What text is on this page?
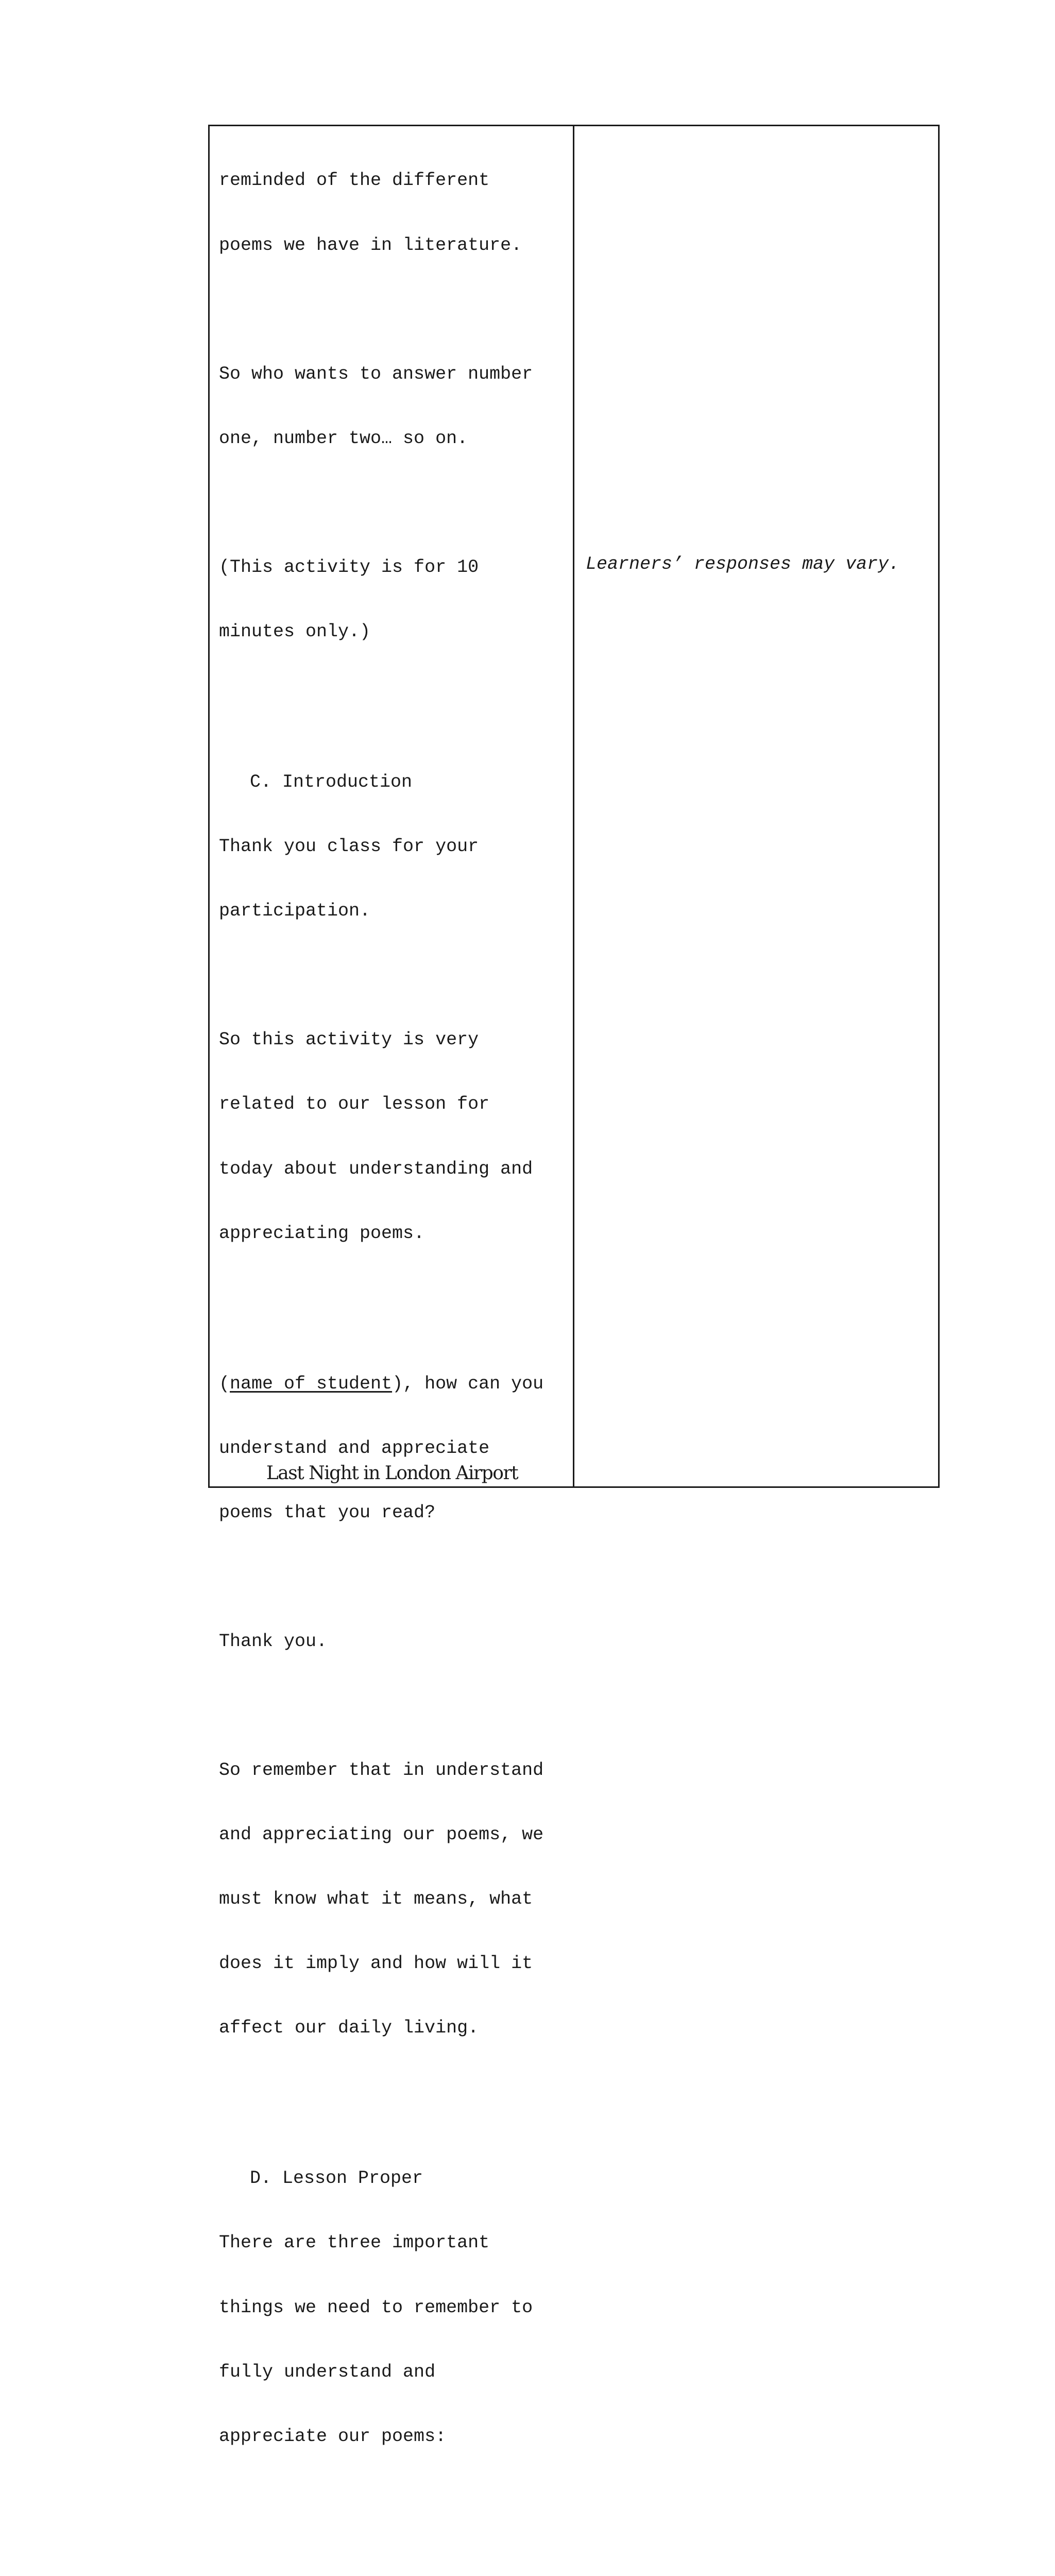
reminded of the different

poems we have in literature.

So who wants to answer number

one, number two… so on.

(This activity is for 10

minutes only.)

C. Introduction

Thank you class for your

participation.

So this activity is very

related to our lesson for

today about understanding and

appreciating poems.

(name of student), how can you

understand and appreciate

poems that you read?

Thank you.

So remember that in understand

and appreciating our poems, we

must know what it means, what

does it imply and how will it

affect our daily living.

D. Lesson Proper

There are three important

things we need to remember to

fully understand and

appreciate our poems:

Last Night in London Airport
Learners’ responses may vary.
